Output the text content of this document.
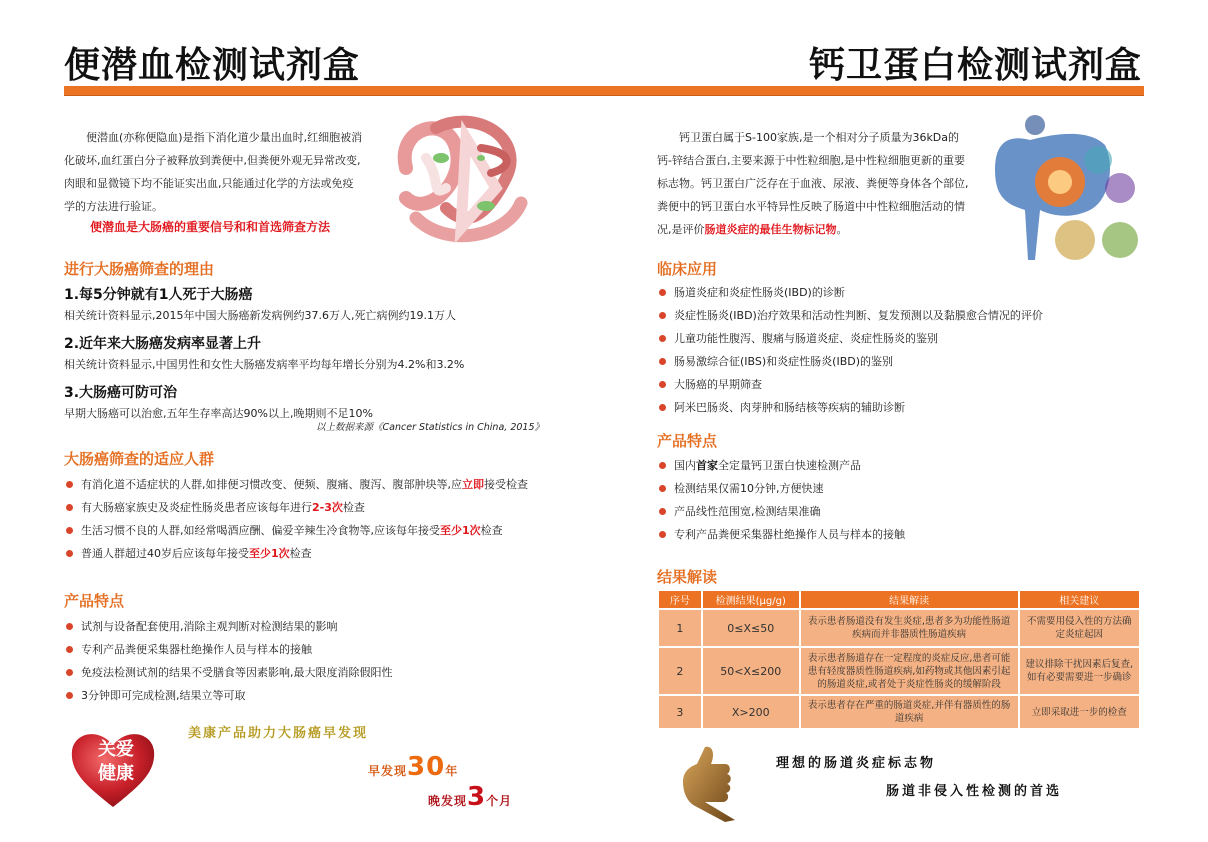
便潜血检测试剂盒	钙卫蛋白检测试剂盒
便潜血(亦称便隐血)是指下消化道少量出血时,红细胞被消化破坏,血红蛋白分子被释放到粪便中,但粪便外观无异常改变,肉眼和显微镜下均不能证实出血,只能通过化学的方法或免疫学的方法进行验证。
便潜血是大肠癌的重要信号和和首选筛查方法
进行大肠癌筛查的理由
1.每5分钟就有1人死于大肠癌
相关统计资料显示,2015年中国大肠癌新发病例约37.6万人,死亡病例约19.1万人
2.近年来大肠癌发病率显著上升
相关统计资料显示,中国男性和女性大肠癌发病率平均每年增长分别为4.2%和3.2%
3.大肠癌可防可治
早期大肠癌可以治愈,五年生存率高达90%以上,晚期则不足10%
以上数据来源《Cancer Statistics in China, 2015》
大肠癌筛查的适应人群
有消化道不适症状的人群,如排便习惯改变、便频、腹痛、腹泻、腹部肿块等,应立即接受检查
有大肠癌家族史及炎症性肠炎患者应该每年进行2-3次检查
生活习惯不良的人群,如经常喝酒应酬、偏爱辛辣生冷食物等,应该每年接受至少1次检查
普通人群超过40岁后应该每年接受至少1次检查
产品特点
试剂与设备配套使用,消除主观判断对检测结果的影响
专利产品粪便采集器杜绝操作人员与样本的接触
免疫法检测试剂的结果不受膳食等因素影响,最大限度消除假阳性
3分钟即可完成检测,结果立等可取
关爱
健康
美康产品助力大肠癌早发现
早发现30年
晚发现3个月
钙卫蛋白属于S-100家族,是一个相对分子质量为36kDa的钙-锌结合蛋白,主要来源于中性粒细胞,是中性粒细胞更新的重要标志物。钙卫蛋白广泛存在于血液、尿液、粪便等身体各个部位,粪便中的钙卫蛋白水平特异性反映了肠道中中性粒细胞活动的情况,是评价肠道炎症的最佳生物标记物。
临床应用
肠道炎症和炎症性肠炎(IBD)的诊断
炎症性肠炎(IBD)治疗效果和活动性判断、复发预测以及黏膜愈合情况的评价
儿童功能性腹泻、腹痛与肠道炎症、炎症性肠炎的鉴别
肠易激综合征(IBS)和炎症性肠炎(IBD)的鉴别
大肠癌的早期筛查
阿米巴肠炎、肉芽肿和肠结核等疾病的辅助诊断
产品特点
国内首家全定量钙卫蛋白快速检测产品
检测结果仅需10分钟,方便快速
产品线性范围宽,检测结果准确
专利产品粪便采集器杜绝操作人员与样本的接触
结果解读
序号	检测结果(μg/g)	结果解读	相关建议
1	0≤X≤50	表示患者肠道没有发生炎症,患者多为功能性肠道疾病而并非器质性肠道疾病	不需要用侵入性的方法确定炎症起因
2	50<X≤200	表示患者肠道存在一定程度的炎症反应,患者可能患有轻度器质性肠道疾病,如药物或其他因素引起的肠道炎症,或者处于炎症性肠炎的缓解阶段	建议排除干扰因素后复查,如有必要需要进一步确诊
3	X>200	表示患者存在严重的肠道炎症,并伴有器质性的肠道疾病	立即采取进一步的检查
理想的肠道炎症标志物
肠道非侵入性检测的首选
